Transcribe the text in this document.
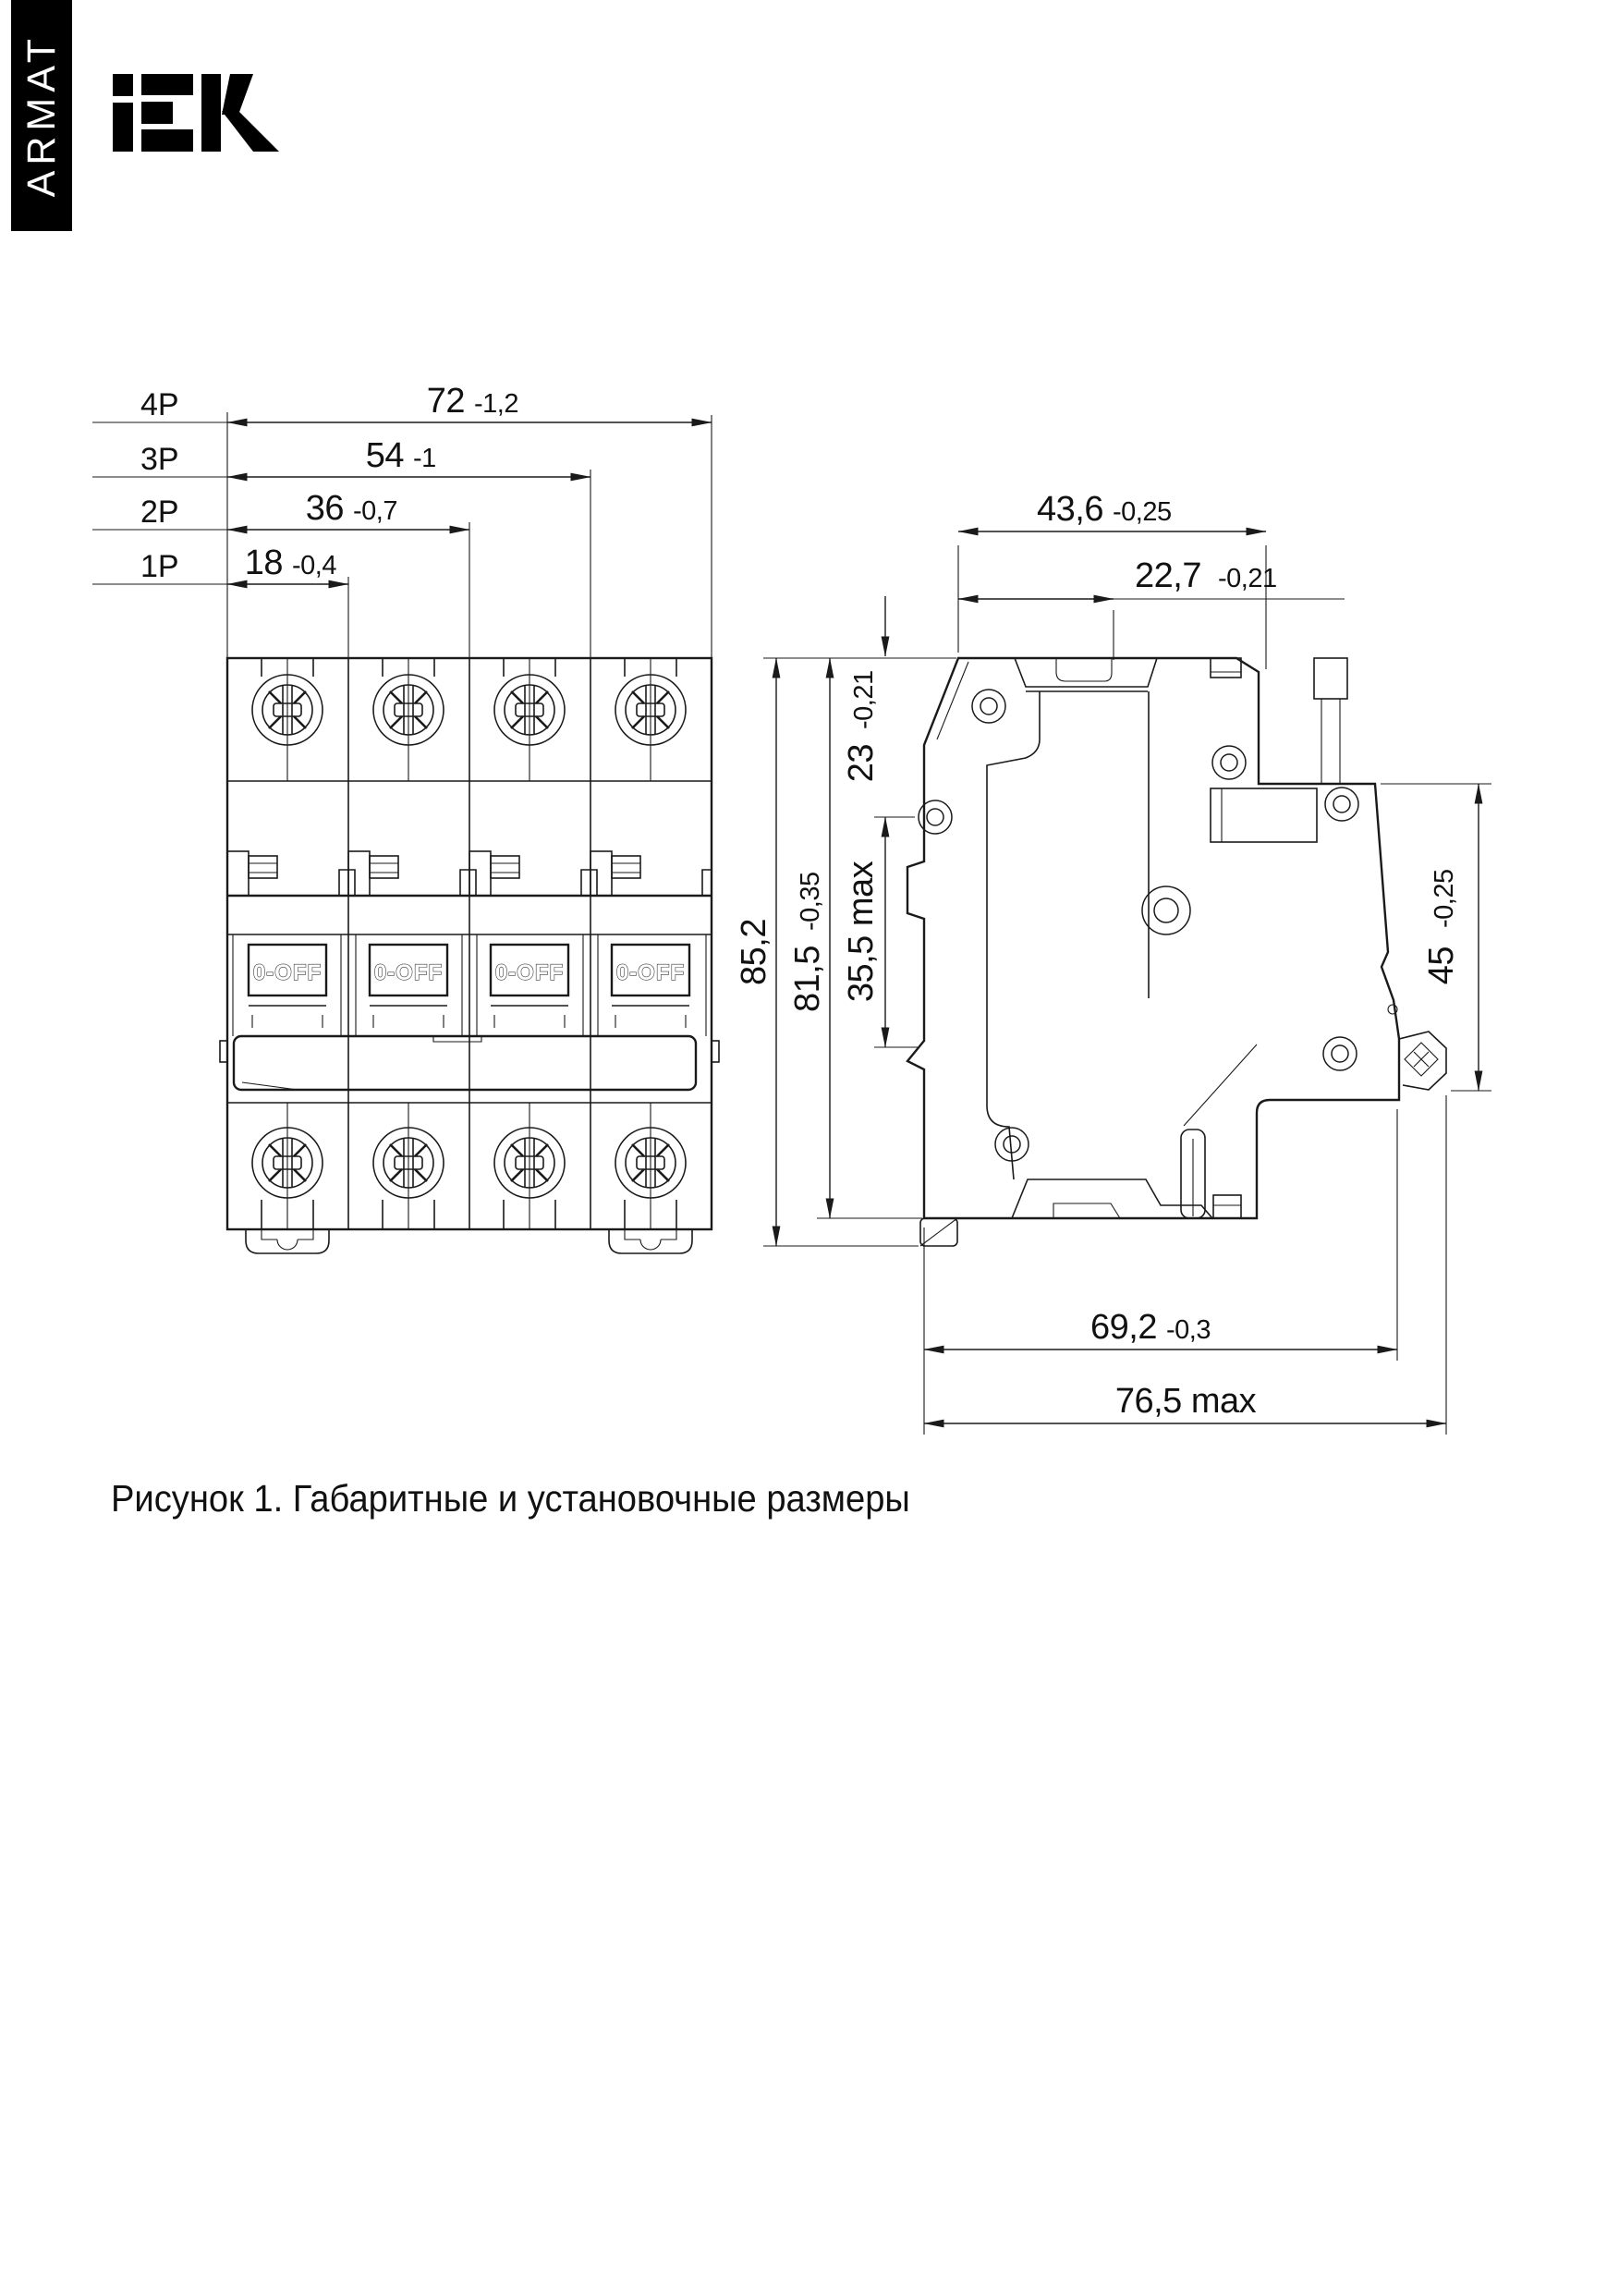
ARMAT
0-OFF 0-OFF 0-OFF 0-OFF
4P	72 -1,2
3P	54 -1
2P	36 -0,7
1P 18 -0,4
43,6 -0,25
22,7 -0,21
85,2 81,5
-0,35
23
-0,21
35,5 max	45
-0,25
69,2 -0,3
76,5 max
Рисунок 1. Габаритные и установочные размеры
